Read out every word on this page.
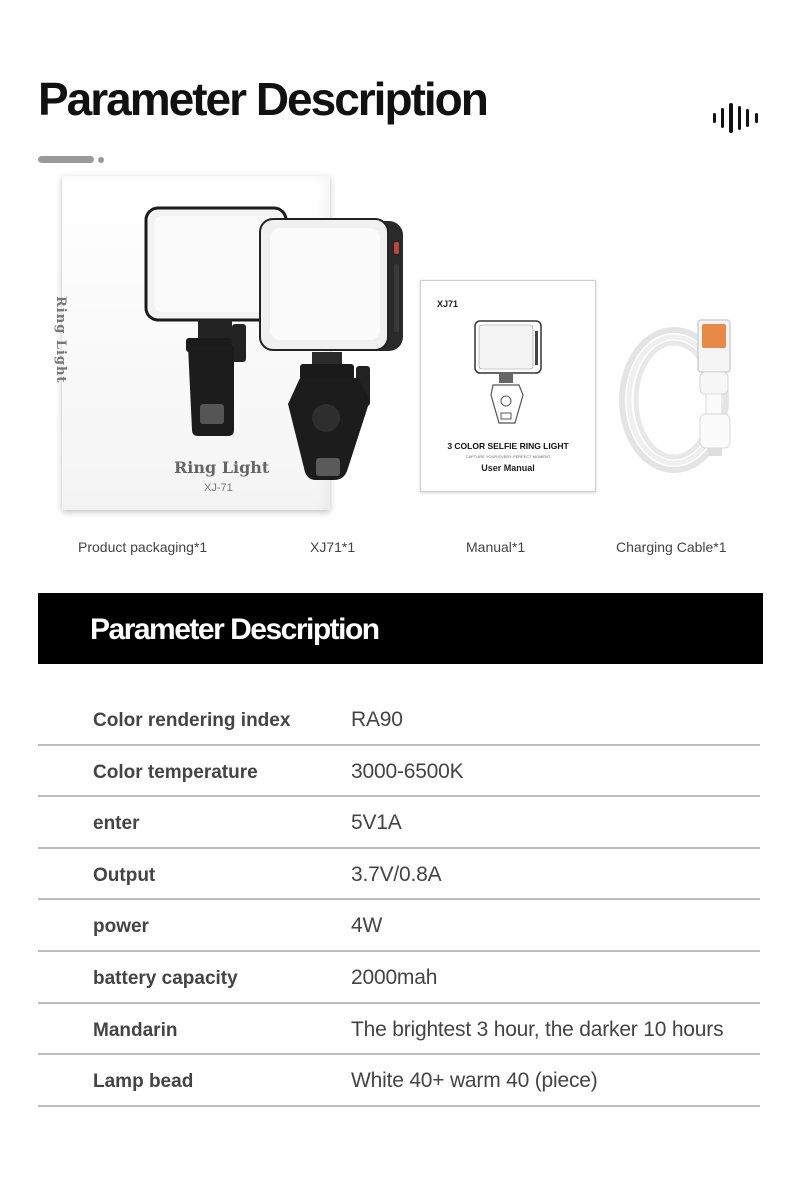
Parameter Description
Ring Light
Ring Light
XJ-71
XJ71
3 COLOR SELFIE RING LIGHT
CAPTURE YOUR EVERY PERFECT MOMENT
User Manual
Product packaging*1	XJ71*1	Manual*1	Charging Cable*1
Parameter Description
Color rendering index	RA90
Color temperature	3000-6500K
enter	5V1A
Output	3.7V/0.8A
power	4W
battery capacity	2000mah
Mandarin	The brightest 3 hour, the darker 10 hours
Lamp bead	White 40+ warm 40 (piece)
